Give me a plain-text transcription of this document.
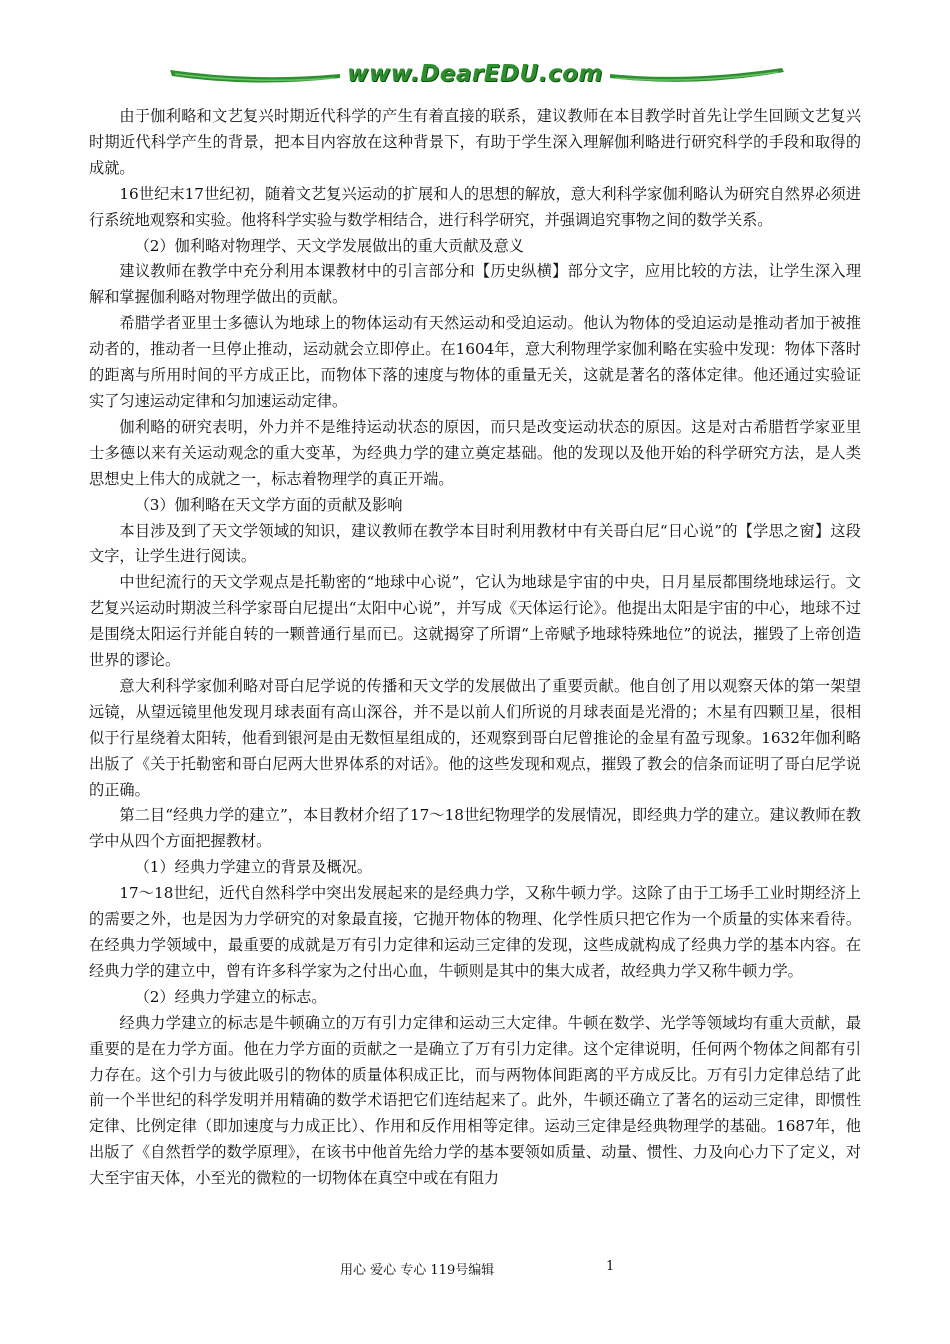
www.DearEDU.com

由于伽利略和文艺复兴时期近代科学的产生有着直接的联系，建议教师在本目教学时首先让学生回顾文艺复兴时期近代科学产生的背景，把本目内容放在这种背景下，有助于学生深入理解伽利略进行研究科学的手段和取得的成就。

16世纪末17世纪初，随着文艺复兴运动的扩展和人的思想的解放，意大利科学家伽利略认为研究自然界必须进行系统地观察和实验。他将科学实验与数学相结合，进行科学研究，并强调追究事物之间的数学关系。

（2）伽利略对物理学、天文学发展做出的重大贡献及意义

建议教师在教学中充分利用本课教材中的引言部分和【历史纵横】部分文字，应用比较的方法，让学生深入理解和掌握伽利略对物理学做出的贡献。

希腊学者亚里士多德认为地球上的物体运动有天然运动和受迫运动。他认为物体的受迫运动是推动者加于被推动者的，推动者一旦停止推动，运动就会立即停止。在1604年，意大利物理学家伽利略在实验中发现：物体下落时的距离与所用时间的平方成正比，而物体下落的速度与物体的重量无关，这就是著名的落体定律。他还通过实验证实了匀速运动定律和匀加速运动定律。

伽利略的研究表明，外力并不是维持运动状态的原因，而只是改变运动状态的原因。这是对古希腊哲学家亚里士多德以来有关运动观念的重大变革，为经典力学的建立奠定基础。他的发现以及他开始的科学研究方法，是人类思想史上伟大的成就之一，标志着物理学的真正开端。

（3）伽利略在天文学方面的贡献及影响

本目涉及到了天文学领域的知识，建议教师在教学本目时利用教材中有关哥白尼“日心说”的【学思之窗】这段文字，让学生进行阅读。

中世纪流行的天文学观点是托勒密的“地球中心说”，它认为地球是宇宙的中央，日月星辰都围绕地球运行。文艺复兴运动时期波兰科学家哥白尼提出“太阳中心说”，并写成《天体运行论》。他提出太阳是宇宙的中心，地球不过是围绕太阳运行并能自转的一颗普通行星而已。这就揭穿了所谓“上帝赋予地球特殊地位”的说法，摧毁了上帝创造世界的谬论。

意大利科学家伽利略对哥白尼学说的传播和天文学的发展做出了重要贡献。他自创了用以观察天体的第一架望远镜，从望远镜里他发现月球表面有高山深谷，并不是以前人们所说的月球表面是光滑的；木星有四颗卫星，很相似于行星绕着太阳转，他看到银河是由无数恒星组成的，还观察到哥白尼曾推论的金星有盈亏现象。1632年伽利略出版了《关于托勒密和哥白尼两大世界体系的对话》。他的这些发现和观点，摧毁了教会的信条而证明了哥白尼学说的正确。

第二目“经典力学的建立”，本目教材介绍了17～18世纪物理学的发展情况，即经典力学的建立。建议教师在教学中从四个方面把握教材。

（1）经典力学建立的背景及概况。

17～18世纪，近代自然科学中突出发展起来的是经典力学，又称牛顿力学。这除了由于工场手工业时期经济上的需要之外，也是因为力学研究的对象最直接，它抛开物体的物理、化学性质只把它作为一个质量的实体来看待。在经典力学领域中，最重要的成就是万有引力定律和运动三定律的发现，这些成就构成了经典力学的基本内容。在经典力学的建立中，曾有许多科学家为之付出心血，牛顿则是其中的集大成者，故经典力学又称牛顿力学。

（2）经典力学建立的标志。

经典力学建立的标志是牛顿确立的万有引力定律和运动三大定律。牛顿在数学、光学等领域均有重大贡献，最重要的是在力学方面。他在力学方面的贡献之一是确立了万有引力定律。这个定律说明，任何两个物体之间都有引力存在。这个引力与彼此吸引的物体的质量体积成正比，而与两物体间距离的平方成反比。万有引力定律总结了此前一个半世纪的科学发明并用精确的数学术语把它们连结起来了。此外，牛顿还确立了著名的运动三定律，即惯性定律、比例定律（即加速度与力成正比）、作用和反作用相等定律。运动三定律是经典物理学的基础。1687年，他出版了《自然哲学的数学原理》，在该书中他首先给力学的基本要领如质量、动量、惯性、力及向心力下了定义，对大至宇宙天体，小至光的微粒的一切物体在真空中或在有阻力

用心 爱心 专心 119号编辑	1
